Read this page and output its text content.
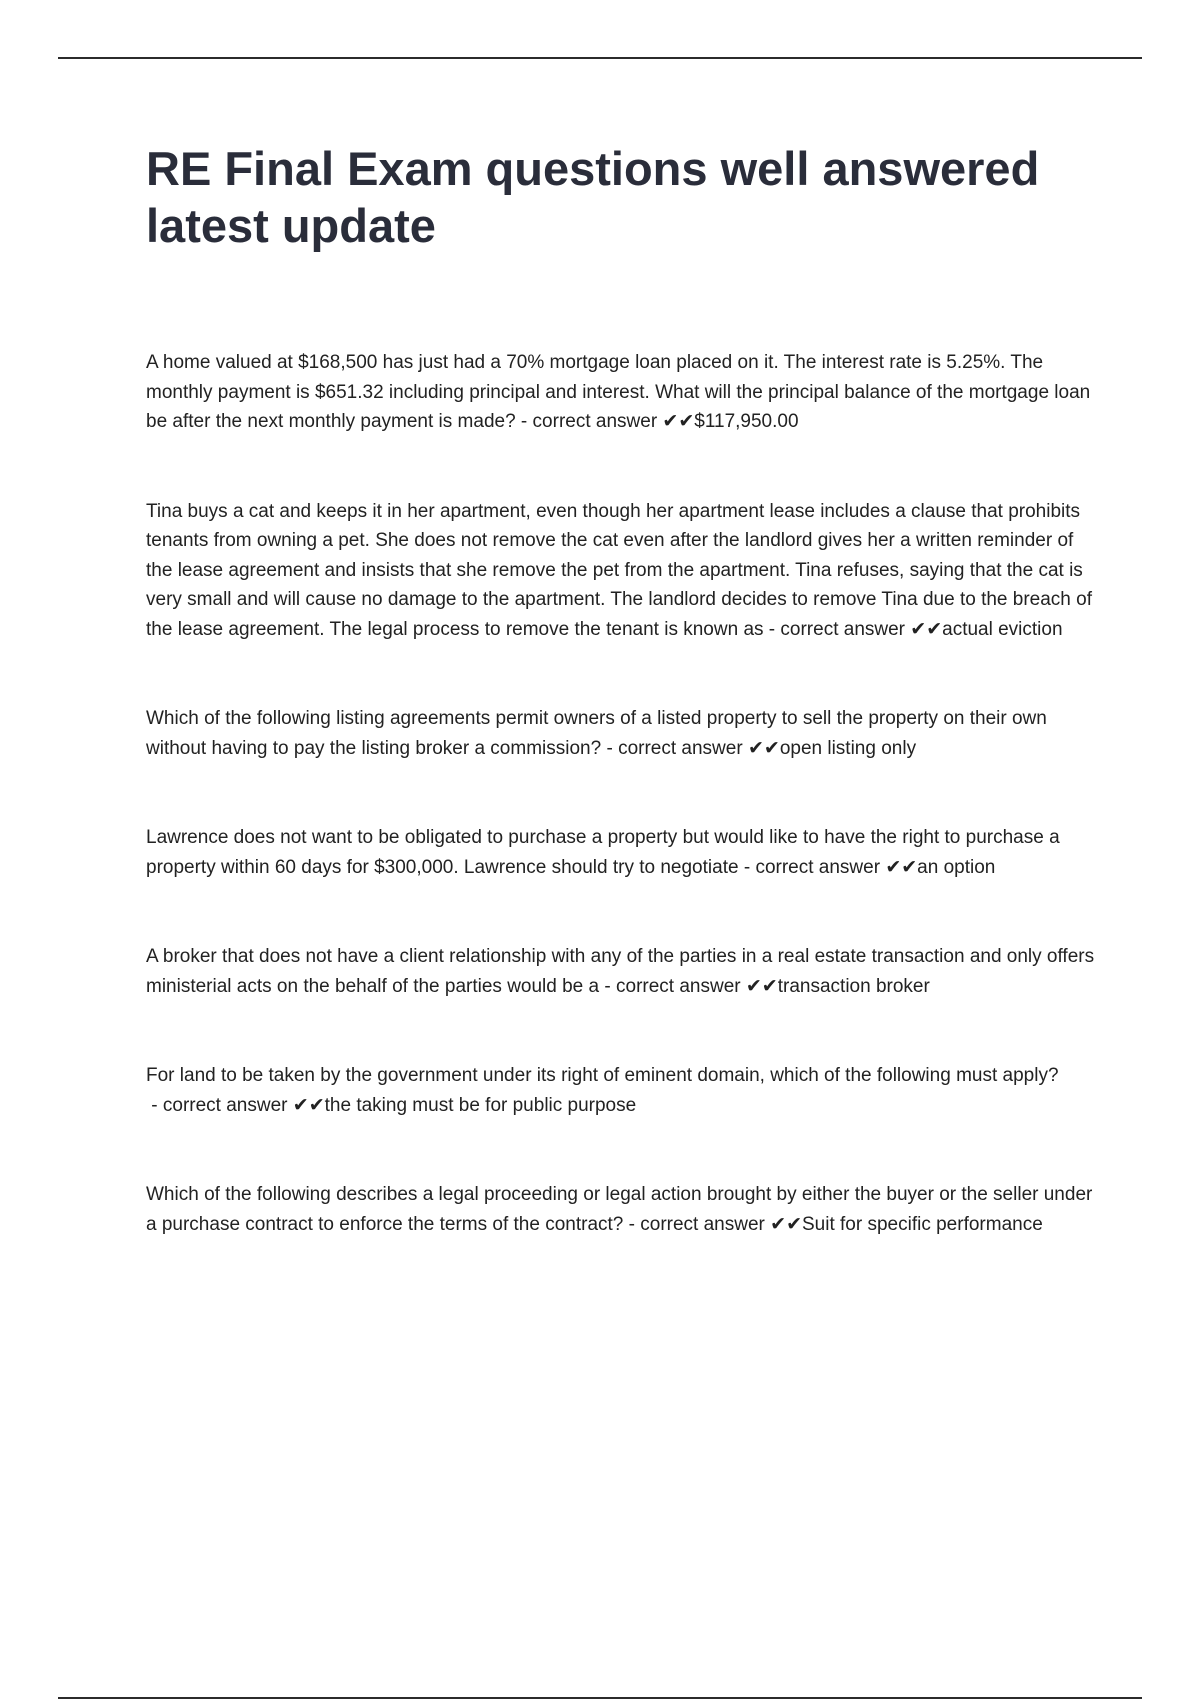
RE Final Exam questions well answered latest update

A home valued at $168,500 has just had a 70% mortgage loan placed on it. The interest rate is 5.25%. The monthly payment is $651.32 including principal and interest. What will the principal balance of the mortgage loan be after the next monthly payment is made? - correct answer ✔✔$117,950.00

Tina buys a cat and keeps it in her apartment, even though her apartment lease includes a clause that prohibits tenants from owning a pet. She does not remove the cat even after the landlord gives her a written reminder of the lease agreement and insists that she remove the pet from the apartment. Tina refuses, saying that the cat is very small and will cause no damage to the apartment. The landlord decides to remove Tina due to the breach of the lease agreement. The legal process to remove the tenant is known as - correct answer ✔✔actual eviction

Which of the following listing agreements permit owners of a listed property to sell the property on their own without having to pay the listing broker a commission? - correct answer ✔✔open listing only

Lawrence does not want to be obligated to purchase a property but would like to have the right to purchase a property within 60 days for $300,000. Lawrence should try to negotiate - correct answer ✔✔an option

A broker that does not have a client relationship with any of the parties in a real estate transaction and only offers ministerial acts on the behalf of the parties would be a - correct answer ✔✔transaction broker

For land to be taken by the government under its right of eminent domain, which of the following must apply? - correct answer ✔✔the taking must be for public purpose

Which of the following describes a legal proceeding or legal action brought by either the buyer or the seller under a purchase contract to enforce the terms of the contract? - correct answer ✔✔Suit for specific performance
